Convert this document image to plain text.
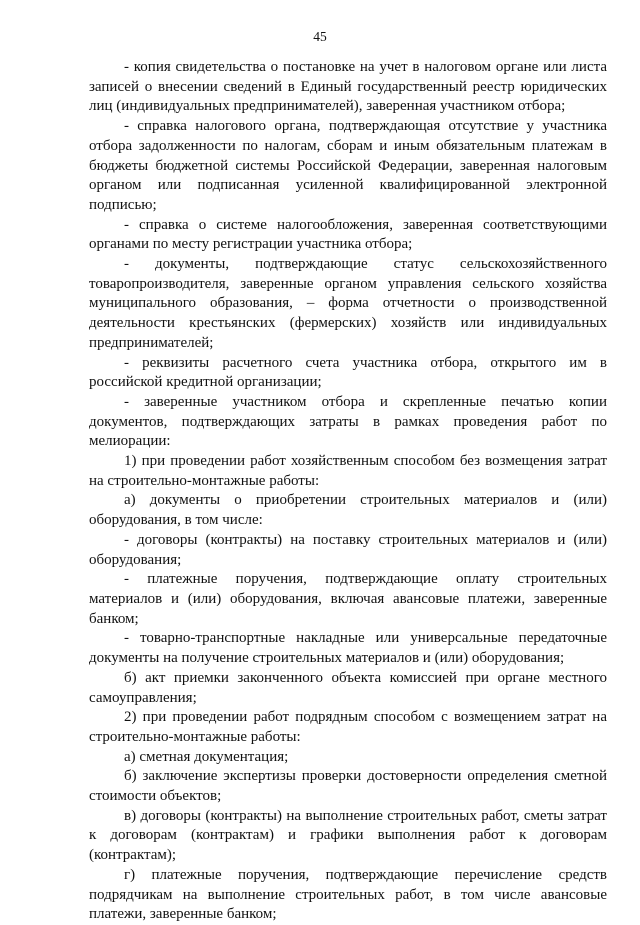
45

- копия свидетельства о постановке на учет в налоговом органе или листа записей о внесении сведений в Единый государственный реестр юридических лиц (индивидуальных предпринимателей), заверенная участником отбора;

- справка налогового органа, подтверждающая отсутствие у участника отбора задолженности по налогам, сборам и иным обязательным платежам в бюджеты бюджетной системы Российской Федерации, заверенная налоговым органом или подписанная усиленной квалифицированной электронной подписью;

- справка о системе налогообложения, заверенная соответствующими органами по месту регистрации участника отбора;

- документы, подтверждающие статус сельскохозяйственного товаропроизводителя, заверенные органом управления сельского хозяйства муниципального образования, – форма отчетности о производственной деятельности крестьянских (фермерских) хозяйств или индивидуальных предпринимателей;

- реквизиты расчетного счета участника отбора, открытого им в российской кредитной организации;

- заверенные участником отбора и скрепленные печатью копии документов, подтверждающих затраты в рамках проведения работ по мелиорации:

1) при проведении работ хозяйственным способом без возмещения затрат на строительно-монтажные работы:

а) документы о приобретении строительных материалов и (или) оборудования, в том числе:

- договоры (контракты) на поставку строительных материалов и (или) оборудования;

- платежные поручения, подтверждающие оплату строительных материалов и (или) оборудования, включая авансовые платежи, заверенные банком;

- товарно-транспортные накладные или универсальные передаточные документы на получение строительных материалов и (или) оборудования;

б) акт приемки законченного объекта комиссией при органе местного самоуправления;

2) при проведении работ подрядным способом с возмещением затрат на строительно-монтажные работы:

а) сметная документация;

б) заключение экспертизы проверки достоверности определения сметной стоимости объектов;

в) договоры (контракты) на выполнение строительных работ, сметы затрат к договорам (контрактам) и графики выполнения работ к договорам (контрактам);

г) платежные поручения, подтверждающие перечисление средств подрядчикам на выполнение строительных работ, в том числе авансовые платежи, заверенные банком;
